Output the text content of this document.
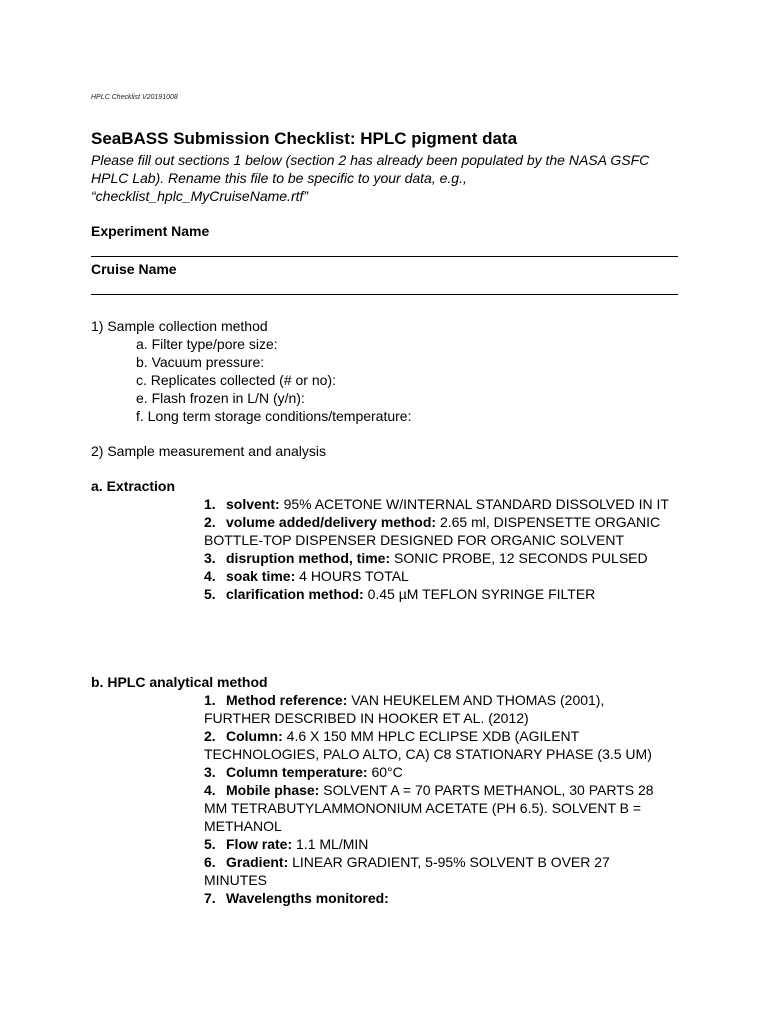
HPLC Checklist V20191008
SeaBASS Submission Checklist: HPLC pigment data

Please fill out sections 1 below (section 2 has already been populated by the NASA GSFC HPLC Lab). Rename this file to be specific to your data, e.g., “checklist_hplc_MyCruiseName.rtf”

Experiment Name
Cruise Name
1) Sample collection method
a. Filter type/pore size:
b. Vacuum pressure:
c. Replicates collected (# or no):
e. Flash frozen in L/N (y/n):
f. Long term storage conditions/temperature:
2) Sample measurement and analysis
a. Extraction
1. solvent: 95% ACETONE W/INTERNAL STANDARD DISSOLVED IN IT
2. volume added/delivery method: 2.65 ml, DISPENSETTE ORGANIC BOTTLE-TOP DISPENSER DESIGNED FOR ORGANIC SOLVENT
3. disruption method, time: SONIC PROBE, 12 SECONDS PULSED
4. soak time: 4 HOURS TOTAL
5. clarification method: 0.45 µM TEFLON SYRINGE FILTER
b. HPLC analytical method
1. Method reference: VAN HEUKELEM AND THOMAS (2001), FURTHER DESCRIBED IN HOOKER ET AL. (2012)
2. Column: 4.6 X 150 MM HPLC ECLIPSE XDB (AGILENT TECHNOLOGIES, PALO ALTO, CA) C8 STATIONARY PHASE (3.5 UM)
3. Column temperature: 60°C
4. Mobile phase: SOLVENT A = 70 PARTS METHANOL, 30 PARTS 28 MM TETRABUTYLAMMONONIUM ACETATE (PH 6.5). SOLVENT B = METHANOL
5. Flow rate: 1.1 ML/MIN
6. Gradient: LINEAR GRADIENT, 5-95% SOLVENT B OVER 27 MINUTES
7. Wavelengths monitored:
